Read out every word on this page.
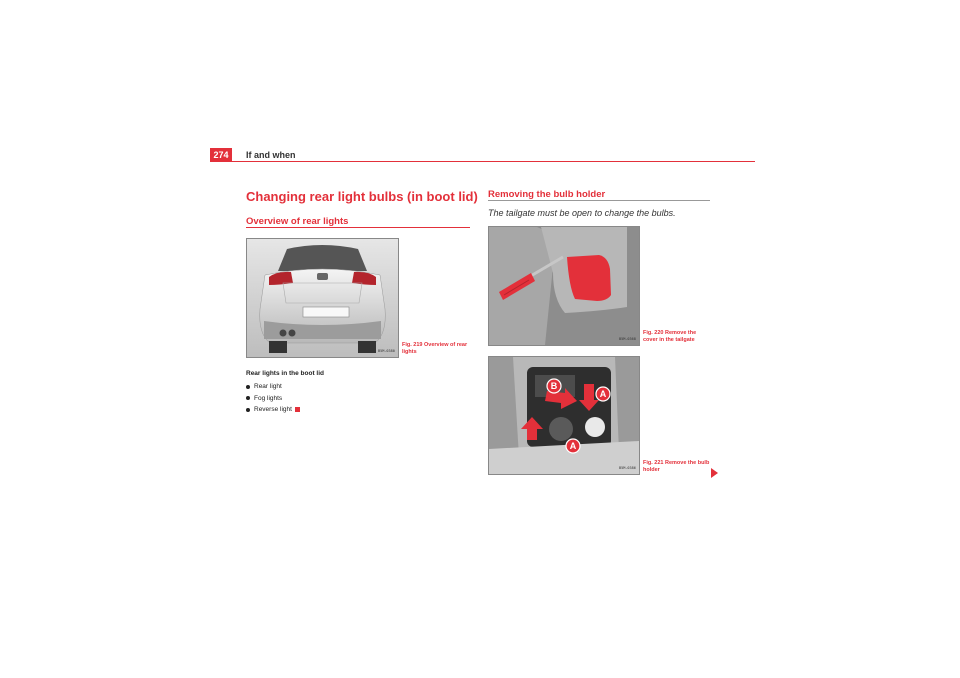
274	If and when
Changing rear light bulbs (in boot lid)
Overview of rear lights
B5M-0380
Fig. 219 Overview of rear lights
Rear lights in the boot lid
Rear light
Fog lights
Reverse light
Removing the bulb holder

The tailgate must be open to change the bulbs.

B5M-0368
Fig. 220 Remove the cover in the tailgate
B
A
A
B5M-0386
Fig. 221 Remove the bulb holder
